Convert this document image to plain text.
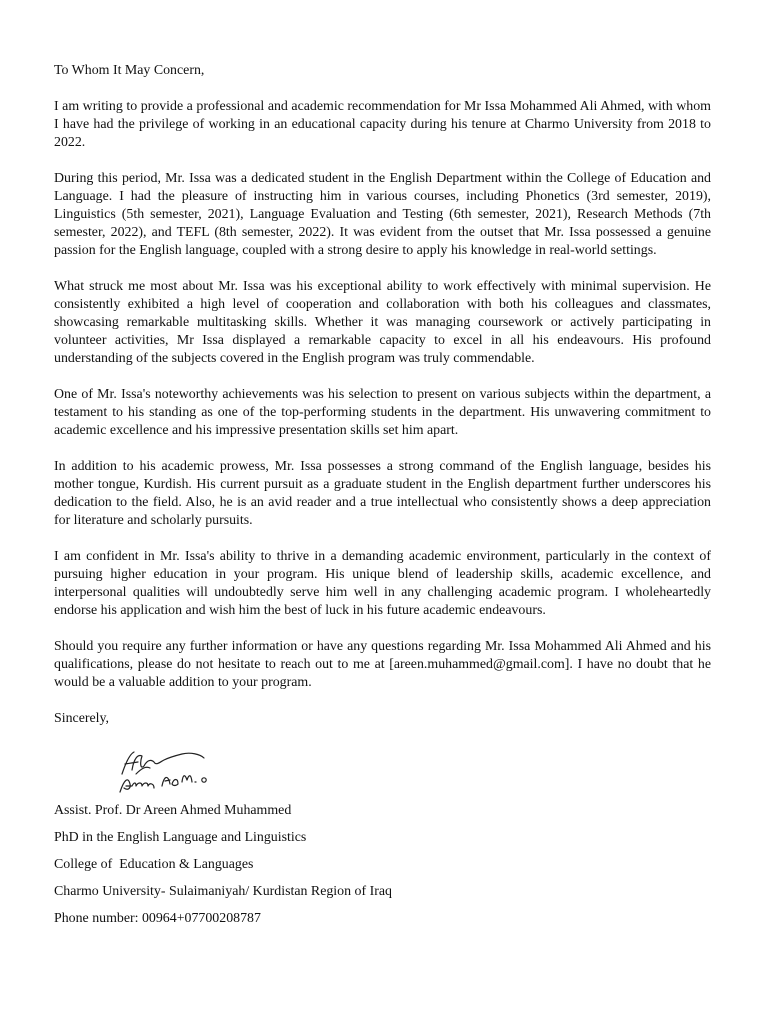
To Whom It May Concern,

I am writing to provide a professional and academic recommendation for Mr Issa Mohammed Ali Ahmed, with whom I have had the privilege of working in an educational capacity during his tenure at Charmo University from 2018 to 2022.

During this period, Mr. Issa was a dedicated student in the English Department within the College of Education and Language. I had the pleasure of instructing him in various courses, including Phonetics (3rd semester, 2019), Linguistics (5th semester, 2021), Language Evaluation and Testing (6th semester, 2021), Research Methods (7th semester, 2022), and TEFL (8th semester, 2022). It was evident from the outset that Mr. Issa possessed a genuine passion for the English language, coupled with a strong desire to apply his knowledge in real-world settings.

What struck me most about Mr. Issa was his exceptional ability to work effectively with minimal supervision. He consistently exhibited a high level of cooperation and collaboration with both his colleagues and classmates, showcasing remarkable multitasking skills. Whether it was managing coursework or actively participating in volunteer activities, Mr Issa displayed a remarkable capacity to excel in all his endeavours. His profound understanding of the subjects covered in the English program was truly commendable.

One of Mr. Issa's noteworthy achievements was his selection to present on various subjects within the department, a testament to his standing as one of the top-performing students in the department. His unwavering commitment to academic excellence and his impressive presentation skills set him apart.

In addition to his academic prowess, Mr. Issa possesses a strong command of the English language, besides his mother tongue, Kurdish. His current pursuit as a graduate student in the English department further underscores his dedication to the field. Also, he is an avid reader and a true intellectual who consistently shows a deep appreciation for literature and scholarly pursuits.

I am confident in Mr. Issa's ability to thrive in a demanding academic environment, particularly in the context of pursuing higher education in your program. His unique blend of leadership skills, academic excellence, and interpersonal qualities will undoubtedly serve him well in any challenging academic program. I wholeheartedly endorse his application and wish him the best of luck in his future academic endeavours.

Should you require any further information or have any questions regarding Mr. Issa Mohammed Ali Ahmed and his qualifications, please do not hesitate to reach out to me at [areen.muhammed@gmail.com]. I have no doubt that he would be a valuable addition to your program.

Sincerely,

Assist. Prof. Dr Areen Ahmed Muhammed

PhD in the English Language and Linguistics

College of  Education & Languages

Charmo University- Sulaimaniyah/ Kurdistan Region of Iraq

Phone number: 00964+07700208787
